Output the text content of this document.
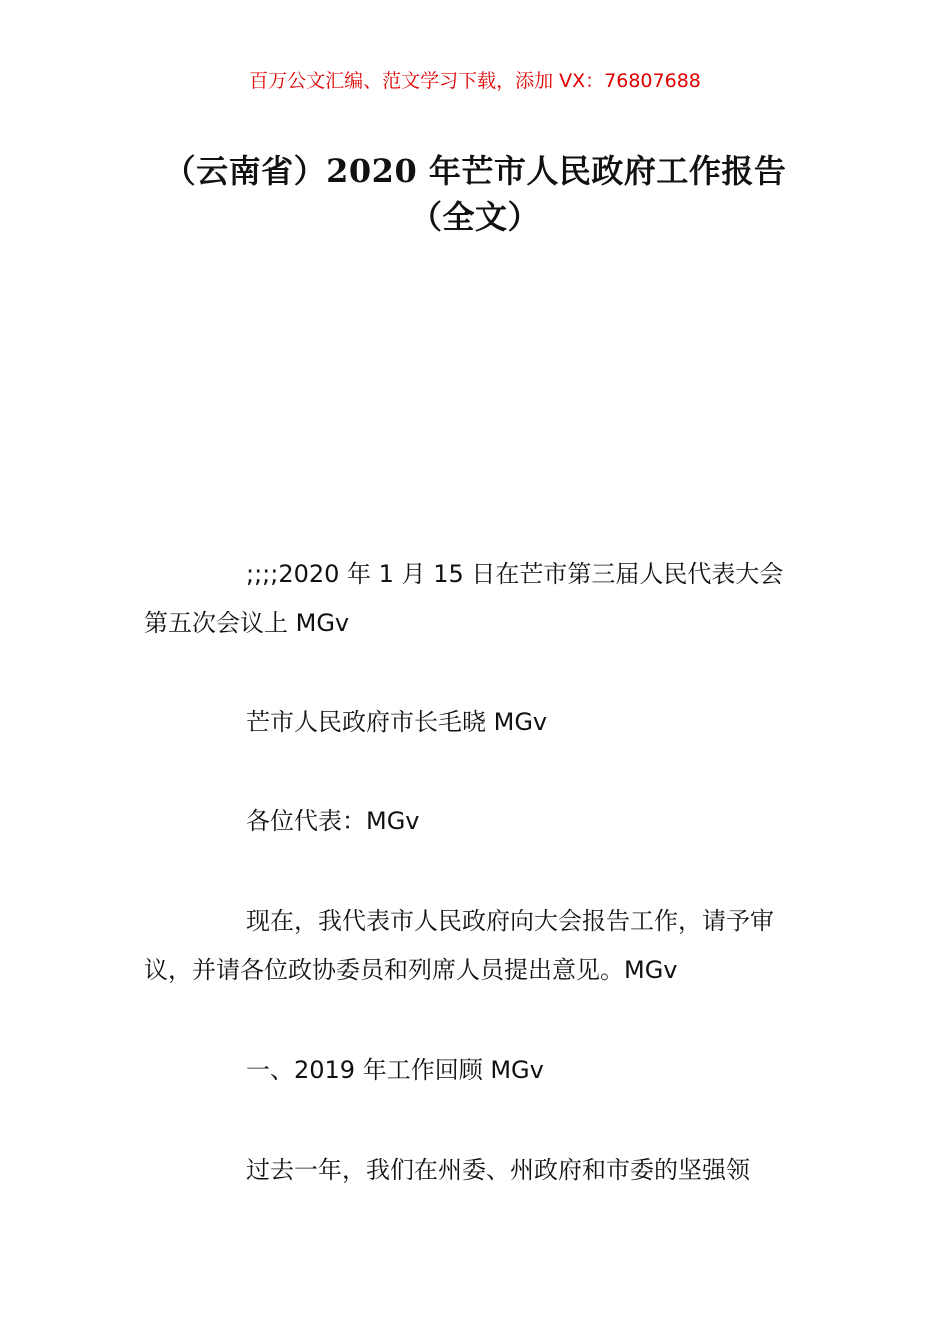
百万公文汇编、范文学习下载，添加 VX：76807688
（云南省）2020 年芒市人民政府工作报告
（全文）

;;;;2020 年 1 月 15 日在芒市第三届人民代表大会第五次会议上 MGv

芒市人民政府市长毛晓 MGv

各位代表：MGv

现在，我代表市人民政府向大会报告工作，请予审议，并请各位政协委员和列席人员提出意见。MGv

一、2019 年工作回顾 MGv

过去一年，我们在州委、州政府和市委的坚强领
